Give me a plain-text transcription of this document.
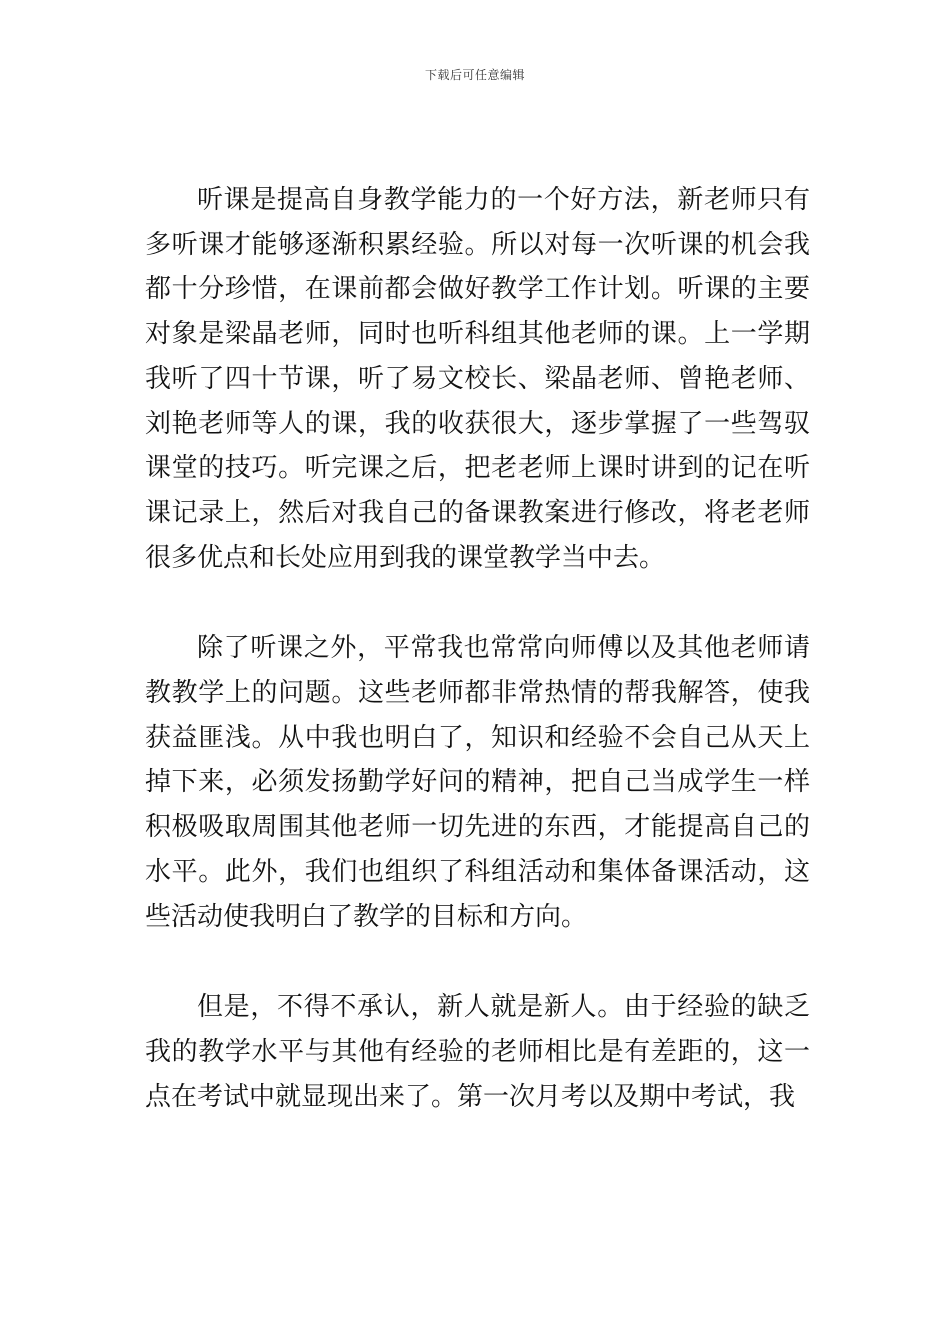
下载后可任意编辑

听课是提高自身教学能力的一个好方法，新老师只有多听课才能够逐渐积累经验。所以对每一次听课的机会我都十分珍惜，在课前都会做好教学工作计划。听课的主要对象是梁晶老师，同时也听科组其他老师的课。上一学期我听了四十节课，听了易文校长、梁晶老师、曾艳老师、刘艳老师等人的课，我的收获很大，逐步掌握了一些驾驭课堂的技巧。听完课之后，把老老师上课时讲到的记在听课记录上，然后对我自己的备课教案进行修改，将老老师很多优点和长处应用到我的课堂教学当中去。

除了听课之外，平常我也常常向师傅以及其他老师请教教学上的问题。这些老师都非常热情的帮我解答，使我获益匪浅。从中我也明白了，知识和经验不会自己从天上掉下来，必须发扬勤学好问的精神，把自己当成学生一样积极吸取周围其他老师一切先进的东西，才能提高自己的水平。此外，我们也组织了科组活动和集体备课活动，这些活动使我明白了教学的目标和方向。

但是，不得不承认，新人就是新人。由于经验的缺乏我的教学水平与其他有经验的老师相比是有差距的，这一点在考试中就显现出来了。第一次月考以及期中考试，我
